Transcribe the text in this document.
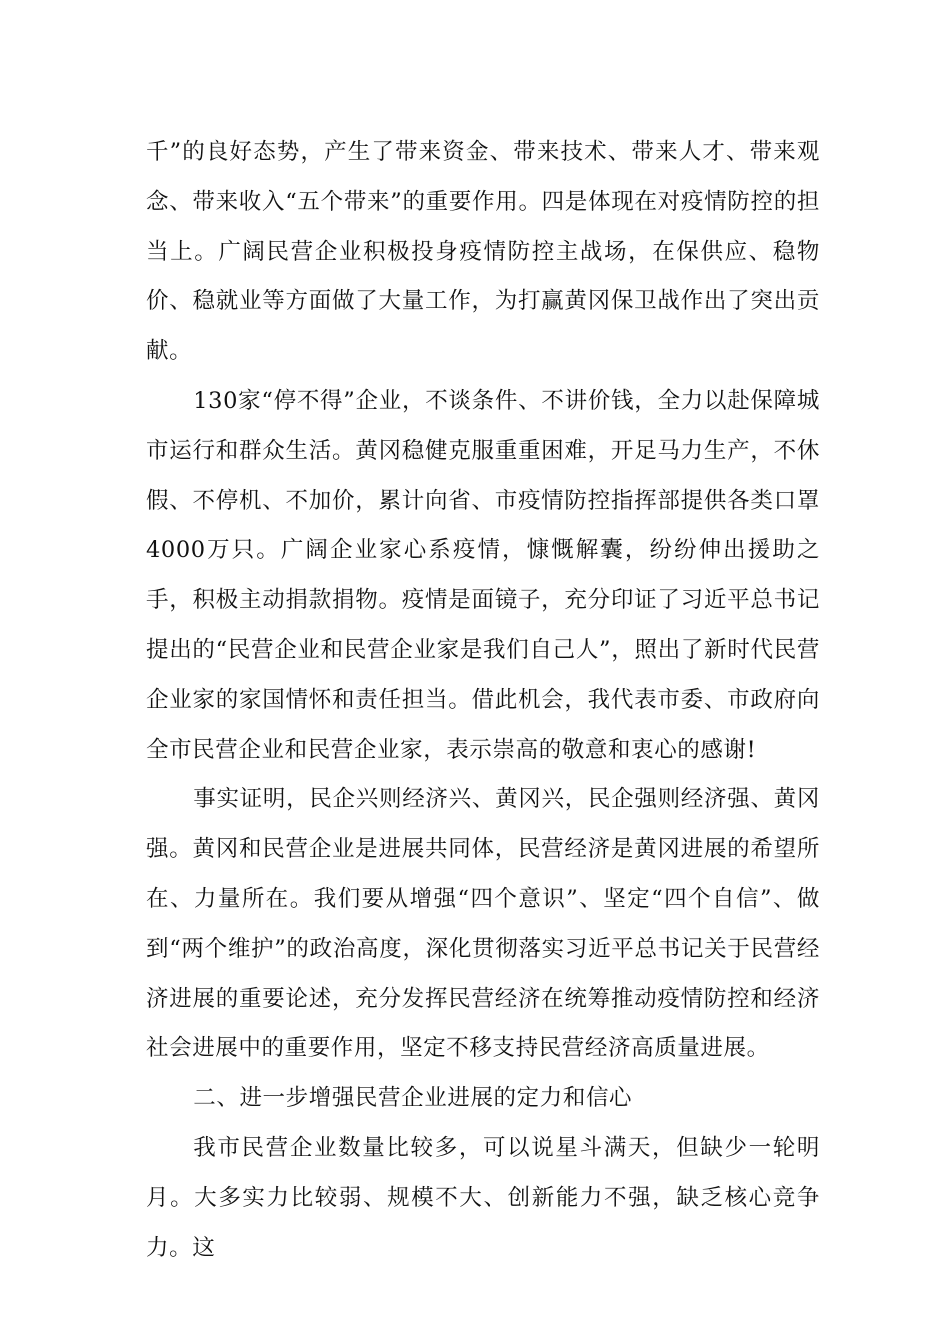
千”的良好态势，产生了带来资金、带来技术、带来人才、带来观念、带来收入“五个带来”的重要作用。四是体现在对疫情防控的担当上。广阔民营企业积极投身疫情防控主战场，在保供应、稳物价、稳就业等方面做了大量工作，为打赢黄冈保卫战作出了突出贡献。

130家“停不得”企业，不谈条件、不讲价钱，全力以赴保障城市运行和群众生活。黄冈稳健克服重重困难，开足马力生产，不休假、不停机、不加价，累计向省、市疫情防控指挥部提供各类口罩4000万只。广阔企业家心系疫情，慷慨解囊，纷纷伸出援助之手，积极主动捐款捐物。疫情是面镜子，充分印证了习近平总书记提出的“民营企业和民营企业家是我们自己人”，照出了新时代民营企业家的家国情怀和责任担当。借此机会，我代表市委、市政府向全市民营企业和民营企业家，表示崇高的敬意和衷心的感谢!

事实证明，民企兴则经济兴、黄冈兴，民企强则经济强、黄冈强。黄冈和民营企业是进展共同体，民营经济是黄冈进展的希望所在、力量所在。我们要从增强“四个意识”、坚定“四个自信”、做到“两个维护”的政治高度，深化贯彻落实习近平总书记关于民营经济进展的重要论述，充分发挥民营经济在统筹推动疫情防控和经济社会进展中的重要作用，坚定不移支持民营经济高质量进展。

二、进一步增强民营企业进展的定力和信心

我市民营企业数量比较多，可以说星斗满天，但缺少一轮明月。大多实力比较弱、规模不大、创新能力不强，缺乏核心竞争力。这
